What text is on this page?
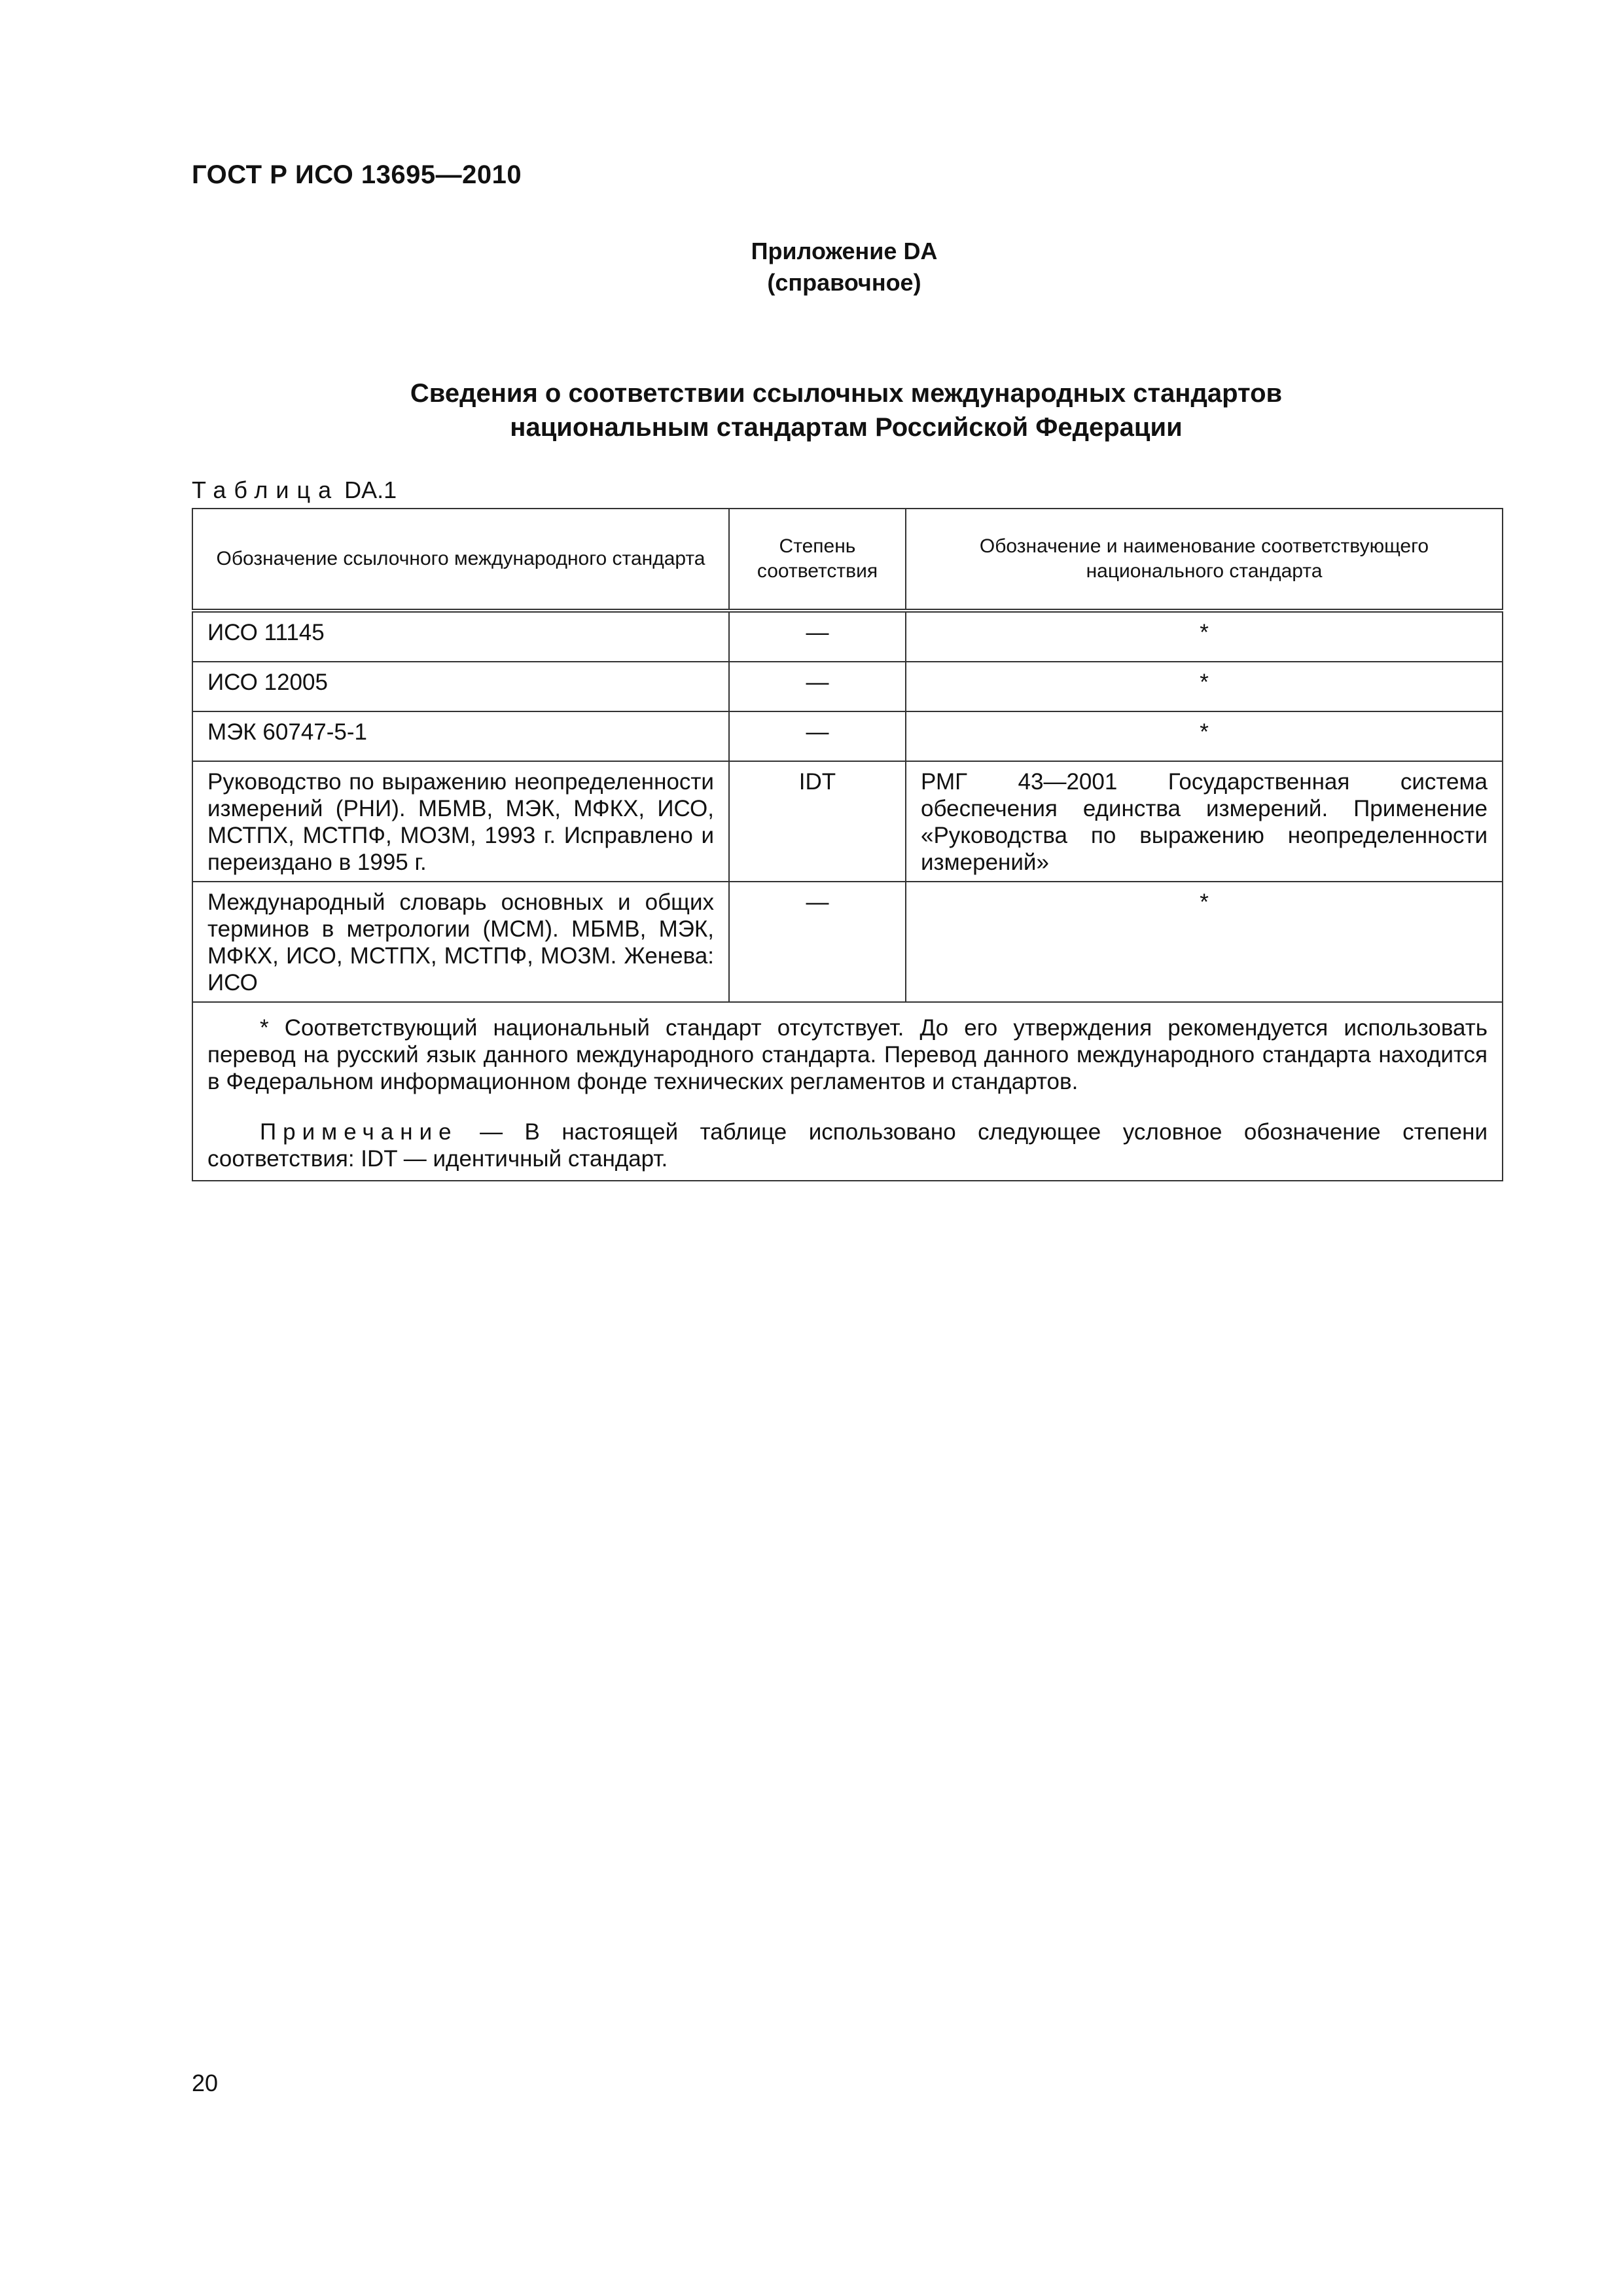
ГОСТ Р ИСО 13695—2010
Приложение DA
(справочное)
Сведения о соответствии ссылочных международных стандартов
национальным стандартам Российской Федерации
Таблица DA.1
Обозначение ссылочного международного стандарта	Степень соответствия	Обозначение и наименование соответствующего национального стандарта
ИСО 11145	—	*
ИСО 12005	—	*
МЭК 60747-5-1	—	*
Руководство по выражению неопределенности измерений (РНИ). МБМВ, МЭК, МФКХ, ИСО, МСТПХ, МСТПФ, МОЗМ, 1993 г. Исправлено и переиздано в 1995 г.	IDT	РМГ 43—2001 Государственная система обеспечения единства измерений. Применение «Руководства по выражению неопределенности измерений»
Международный словарь основных и общих терминов в метрологии (МСМ). МБМВ, МЭК, МФКХ, ИСО, МСТПХ, МСТПФ, МОЗМ. Женева: ИСО	—	*

* Соответствующий национальный стандарт отсутствует. До его утверждения рекомендуется использовать перевод на русский язык данного международного стандарта. Перевод данного международного стандарта находится в Федеральном информационном фонде технических регламентов и стандартов.

Примечание — В настоящей таблице использовано следующее условное обозначение степени соответствия: IDT — идентичный стандарт.		

20
